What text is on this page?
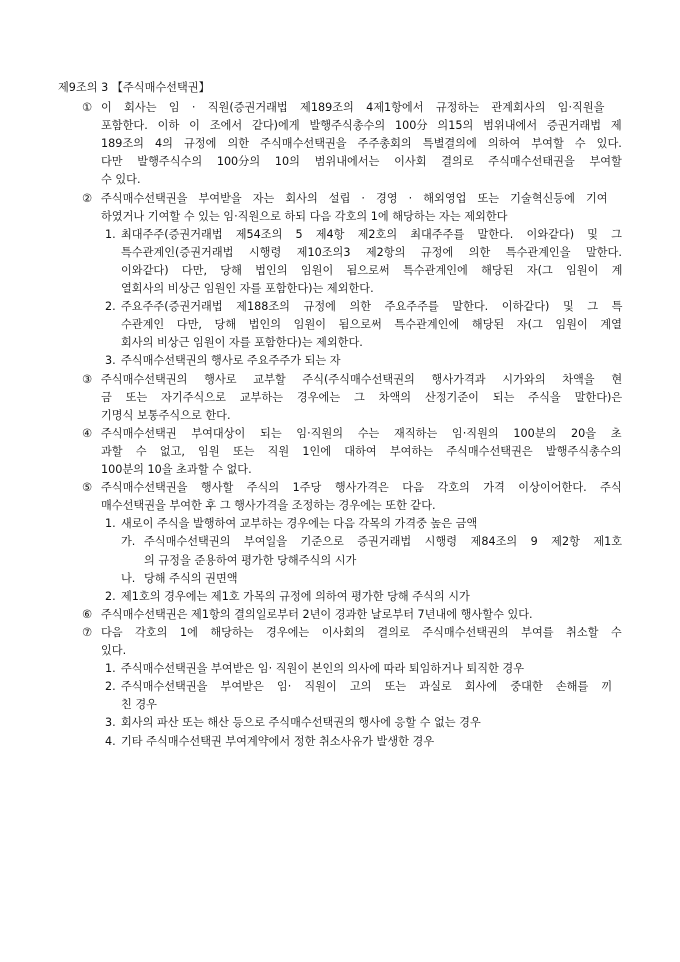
제9조의 3 【주식매수선택권】
① 이 회사는 임 · 직원(증권거래법 제189조의 4제1항에서 규정하는 관계회사의 임·직원을
포함한다. 이하 이 조에서 같다)에게 발행주식총수의 100分 의15의 범위내에서 증권거래법 제
189조의 4의 규정에 의한 주식매수선택권을 주주총회의 특별결의에 의하여 부여할 수 있다.
다만 발행주식수의 100分의 10의 범위내에서는 이사회 결의로 주식매수선태권을 부여할
수 있다.
② 주식매수선택권을 부여받을 자는 회사의 설립 · 경영 · 해외영업 또는 기술혁신등에 기여
하였거나 기여할 수 있는 임·직원으로 하되 다음 각호의 1에 해당하는 자는 제외한다
1. 최대주주(증권거래법 제54조의 5 제4항 제2호의 최대주주를 말한다. 이와같다) 및 그
특수관계인(증권거래법 시행령 제10조의3 제2항의 규정에 의한 특수관계인을 말한다.
이와같다) 다만, 당해 법인의 임원이 됨으로써 특수관계인에 해당된 자(그 임원이 계
열회사의 비상근 임원인 자를 포함한다)는 제외한다.
2. 주요주주(증권거래법 제188조의 규정에 의한 주요주주를 말한다. 이하같다) 및 그 특
수관계인 다만, 당해 법인의 임원이 됨으로써 특수관계인에 해당된 자(그 임원이 계열
회사의 비상근 임원이 자를 포함한다)는 제외한다.
3. 주식매수선택권의 행사로 주요주주가 되는 자
③ 주식매수선택권의 행사로 교부할 주식(주식매수선택권의 행사가격과 시가와의 차액을 현
금 또는 자기주식으로 교부하는 경우에는 그 차액의 산정기준이 되는 주식을 말한다)은
기명식 보통주식으로 한다.
④ 주식매수선택권 부여대상이 되는 임·직원의 수는 재직하는 임·직원의 100분의 20을 초
과할 수 없고, 임원 또는 직원 1인에 대하여 부여하는 주식매수선택권은 발행주식총수의
100분의 10을 초과할 수 없다.
⑤ 주식매수선택권을 행사할 주식의 1주당 행사가격은 다음 각호의 가격 이상이어한다. 주식
매수선택권을 부여한 후 그 행사가격을 조정하는 경우에는 또한 같다.
1. 새로이 주식을 발행하여 교부하는 경우에는 다음 각목의 가격중 높은 금액
가. 주식매수선택권의 부여일을 기준으로 증권거래법 시행령 제84조의 9 제2항 제1호
의 규정을 준용하여 평가한 당해주식의 시가
나. 당해 주식의 권면액
2. 제1호의 경우에는 제1호 가목의 규정에 의하여 평가한 당해 주식의 시가
⑥ 주식매수선택권은 제1항의 결의일로부터 2년이 경과한 날로부터 7년내에 행사할수 있다.
⑦ 다음 각호의 1에 해당하는 경우에는 이사회의 결의로 주식매수선택권의 부여를 취소할 수
있다.
1. 주식매수선택권을 부여받은 임· 직원이 본인의 의사에 따라 퇴임하거나 퇴직한 경우
2. 주식매수선택권을 부여받은 임· 직원이 고의 또는 과실로 회사에 중대한 손해를 끼
친 경우
3. 회사의 파산 또는 해산 등으로 주식매수선택권의 행사에 응할 수 없는 경우
4. 기타 주식매수선택권 부여계약에서 정한 취소사유가 발생한 경우
